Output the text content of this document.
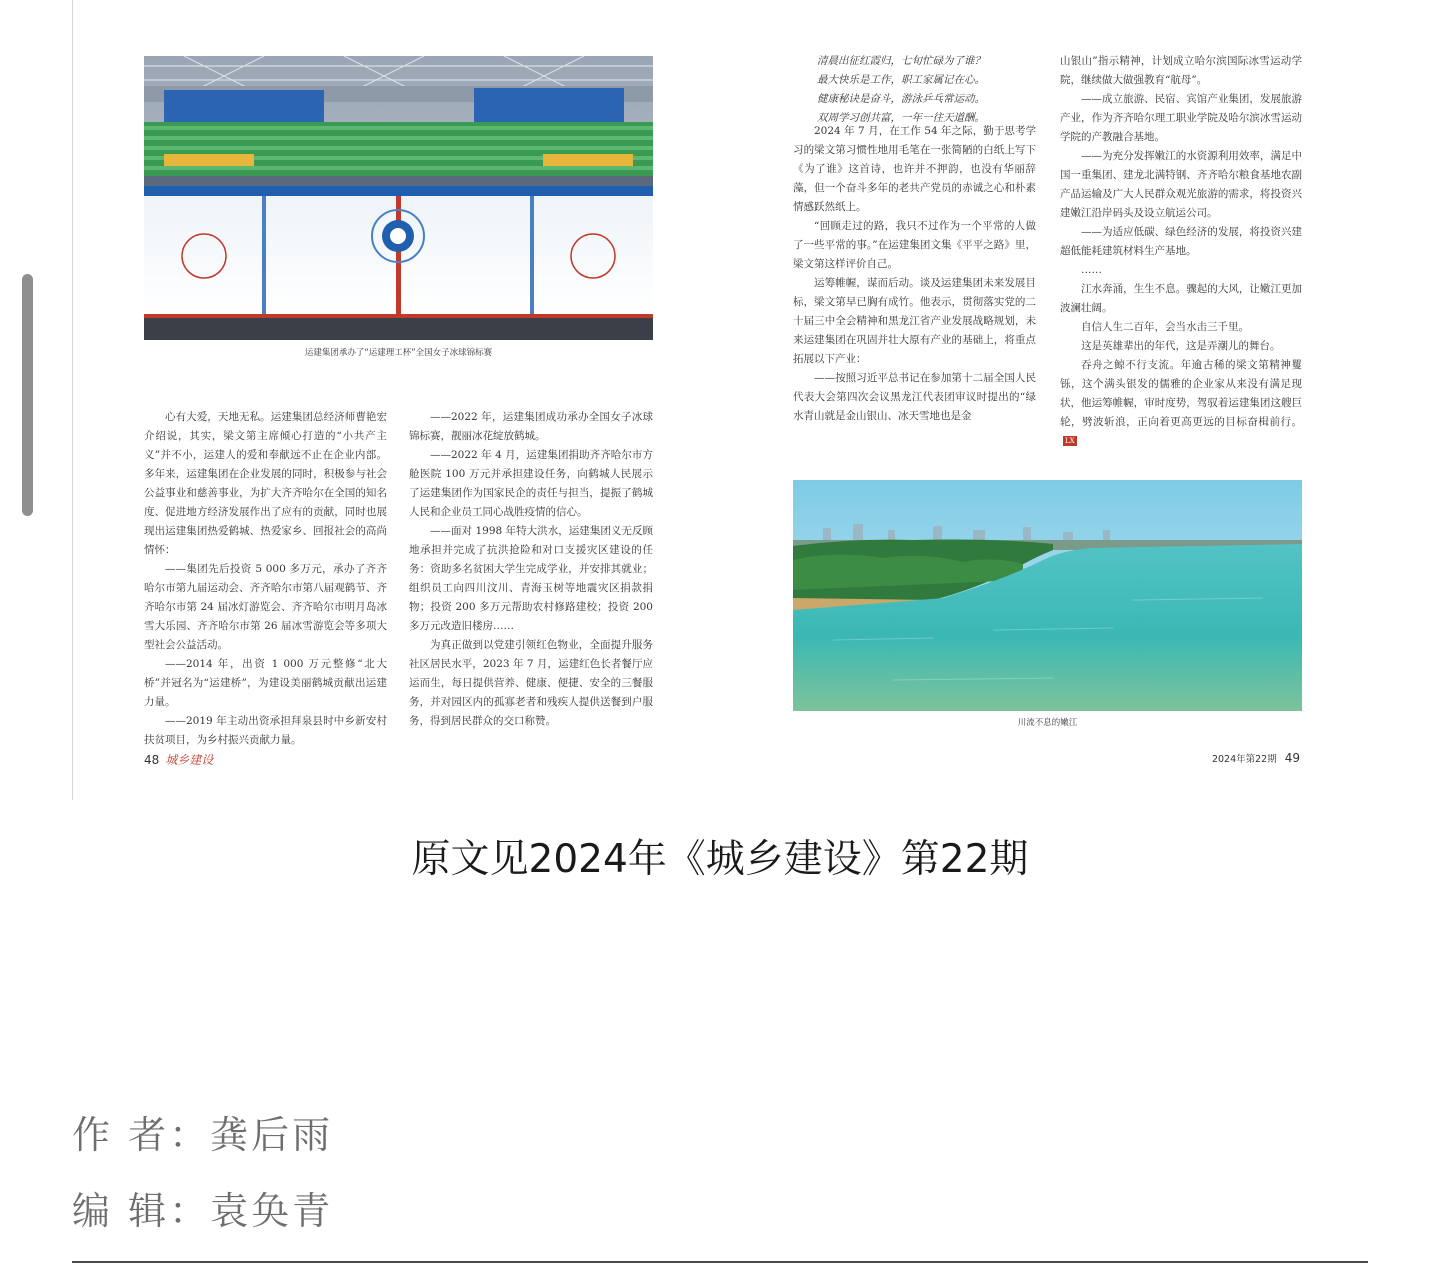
运建集团承办了“运建理工杯”全国女子冰球锦标赛

心有大爱，天地无私。运建集团总经济师曹艳宏介绍说，其实，梁文第主席倾心打造的“小共产主义”并不小，运建人的爱和奉献远不止在企业内部。多年来，运建集团在企业发展的同时，积极参与社会公益事业和慈善事业，为扩大齐齐哈尔在全国的知名度、促进地方经济发展作出了应有的贡献，同时也展现出运建集团热爱鹤城、热爱家乡、回报社会的高尚情怀：

——集团先后投资 5 000 多万元，承办了齐齐哈尔市第九届运动会、齐齐哈尔市第八届观鹤节、齐齐哈尔市第 24 届冰灯游览会、齐齐哈尔市明月岛冰雪大乐园、齐齐哈尔市第 26 届冰雪游览会等多项大型社会公益活动。

——2014 年，出资 1 000 万元整修“北大桥”并冠名为“运建桥”，为建设美丽鹤城贡献出运建力量。

——2019 年主动出资承担拜泉县时中乡新安村扶贫项目，为乡村振兴贡献力量。

——2022 年，运建集团成功承办全国女子冰球锦标赛，靓丽冰花绽放鹤城。

——2022 年 4 月，运建集团捐助齐齐哈尔市方舱医院 100 万元并承担建设任务，向鹤城人民展示了运建集团作为国家民企的责任与担当，提振了鹤城人民和企业员工同心战胜疫情的信心。

——面对 1998 年特大洪水，运建集团义无反顾地承担并完成了抗洪抢险和对口支援灾区建设的任务：资助多名贫困大学生完成学业，并安排其就业；组织员工向四川汶川、青海玉树等地震灾区捐款捐物；投资 200 多万元帮助农村修路建校；投资 200 多万元改造旧楼房……

为真正做到以党建引领红色物业，全面提升服务社区居民水平，2023 年 7 月，运建红色长者餐厅应运而生，每日提供营养、健康、便捷、安全的三餐服务，并对园区内的孤寡老者和残疾人提供送餐到户服务，得到居民群众的交口称赞。

清晨出征红霞归，七旬忙碌为了谁？
最大快乐是工作，职工家属记在心。
健康秘诀是奋斗，游泳乒乓常运动。
双周学习创共富，一年一往天道酬。

2024 年 7 月，在工作 54 年之际，勤于思考学习的梁文第习惯性地用毛笔在一张简陋的白纸上写下《为了谁》这首诗，也许并不押韵，也没有华丽辞藻，但一个奋斗多年的老共产党员的赤诚之心和朴素情感跃然纸上。

“回顾走过的路，我只不过作为一个平常的人做了一些平常的事。”在运建集团文集《平平之路》里，梁文第这样评价自己。

运筹帷幄，谋而后动。谈及运建集团未来发展目标，梁文第早已胸有成竹。他表示，贯彻落实党的二十届三中全会精神和黑龙江省产业发展战略规划，未来运建集团在巩固并壮大原有产业的基础上，将重点拓展以下产业：

——按照习近平总书记在参加第十二届全国人民代表大会第四次会议黑龙江代表团审议时提出的“绿水青山就是金山银山、冰天雪地也是金

山银山”指示精神，计划成立哈尔滨国际冰雪运动学院，继续做大做强教育“航母”。

——成立旅游、民宿、宾馆产业集团，发展旅游产业，作为齐齐哈尔理工职业学院及哈尔滨冰雪运动学院的产教融合基地。

——为充分发挥嫩江的水资源利用效率，满足中国一重集团、建龙北满特钢、齐齐哈尔粮食基地农副产品运输及广大人民群众观光旅游的需求，将投资兴建嫩江沿岸码头及设立航运公司。

——为适应低碳、绿色经济的发展，将投资兴建超低能耗建筑材料生产基地。

……

江水奔涌，生生不息。骤起的大风，让嫩江更加波澜壮阔。

自信人生二百年，会当水击三千里。

这是英雄辈出的年代，这是弄潮儿的舞台。

吞舟之鲸不行支流。年逾古稀的梁文第精神矍铄，这个满头银发的儒雅的企业家从来没有满足现状，他运筹帷幄，审时度势，驾驭着运建集团这艘巨轮，劈波斩浪，正向着更高更远的目标奋楫前行。LX

川流不息的嫩江
48 城乡建设	2024年第22期 49
原文见2024年《城乡建设》第22期
作 者：龚后雨
编 辑：袁奂青
